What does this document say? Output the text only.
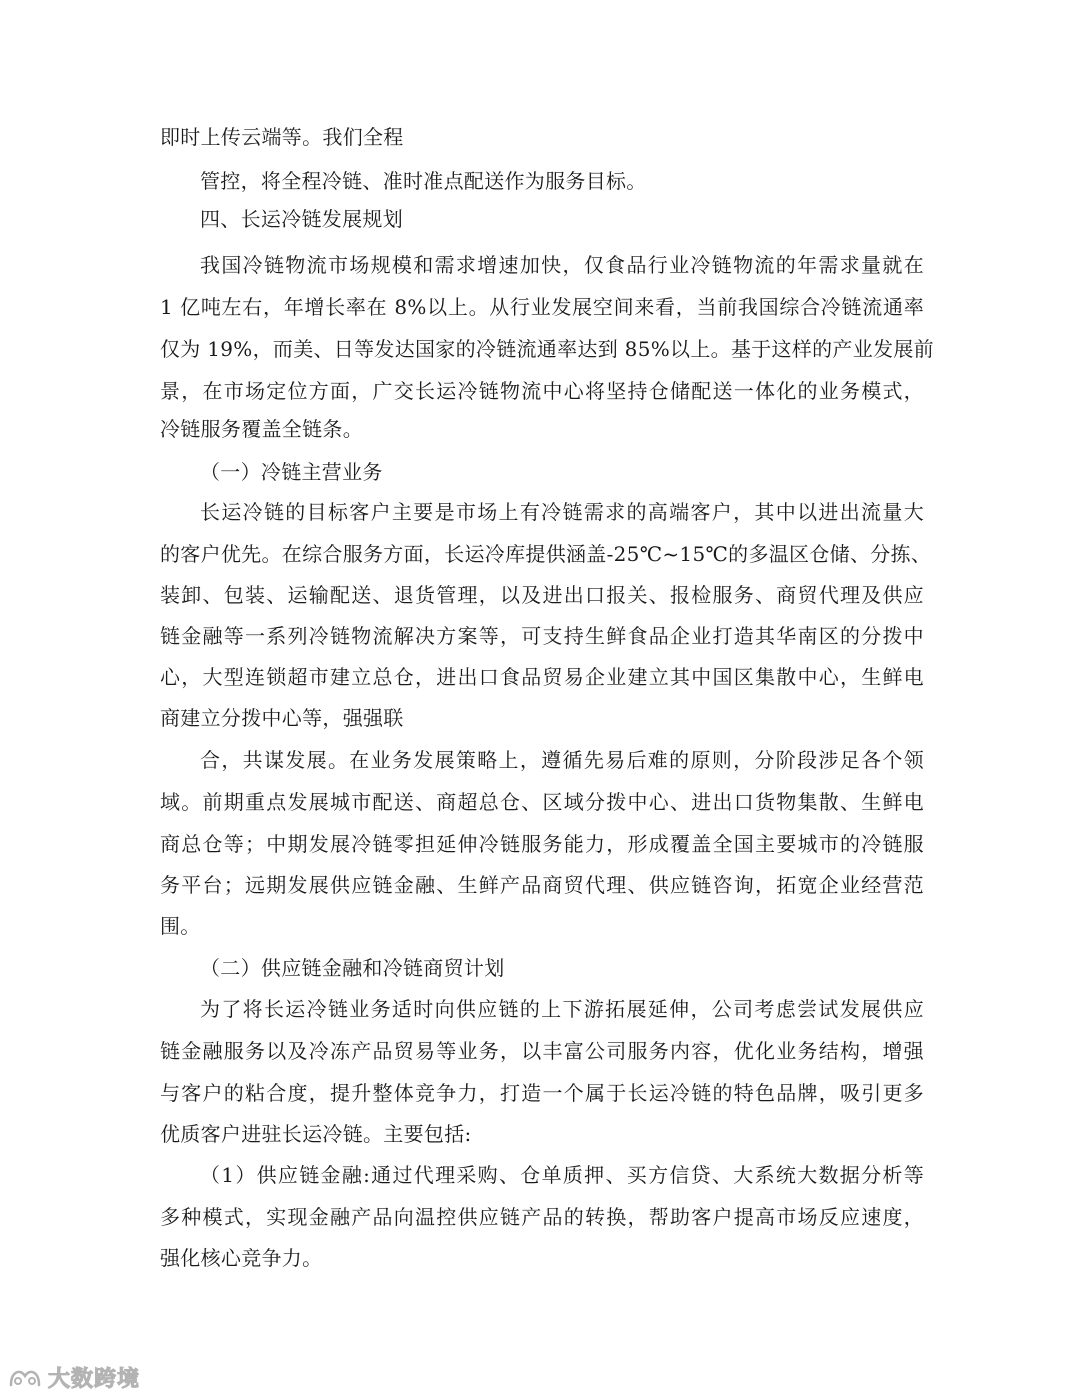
即时上传云端等。我们全程
管控，将全程冷链、准时准点配送作为服务目标。
四、长运冷链发展规划
我国冷链物流市场规模和需求增速加快，仅食品行业冷链物流的年需求量就在
1 亿吨左右，年增长率在 8%以上。从行业发展空间来看，当前我国综合冷链流通率
仅为 19%，而美、日等发达国家的冷链流通率达到 85%以上。基于这样的产业发展前
景，在市场定位方面，广交长运冷链物流中心将坚持仓储配送一体化的业务模式，
冷链服务覆盖全链条。
（一）冷链主营业务
长运冷链的目标客户主要是市场上有冷链需求的高端客户，其中以进出流量大
的客户优先。在综合服务方面，长运冷库提供涵盖-25℃~15℃的多温区仓储、分拣、
装卸、包装、运输配送、退货管理，以及进出口报关、报检服务、商贸代理及供应
链金融等一系列冷链物流解决方案等，可支持生鲜食品企业打造其华南区的分拨中
心，大型连锁超市建立总仓，进出口食品贸易企业建立其中国区集散中心，生鲜电
商建立分拨中心等，强强联
合，共谋发展。在业务发展策略上，遵循先易后难的原则，分阶段涉足各个领
域。前期重点发展城市配送、商超总仓、区域分拨中心、进出口货物集散、生鲜电
商总仓等；中期发展冷链零担延伸冷链服务能力，形成覆盖全国主要城市的冷链服
务平台；远期发展供应链金融、生鲜产品商贸代理、供应链咨询，拓宽企业经营范
围。
（二）供应链金融和冷链商贸计划
为了将长运冷链业务适时向供应链的上下游拓展延伸，公司考虑尝试发展供应
链金融服务以及冷冻产品贸易等业务，以丰富公司服务内容，优化业务结构，增强
与客户的粘合度，提升整体竞争力，打造一个属于长运冷链的特色品牌，吸引更多
优质客户进驻长运冷链。主要包括:
（1）供应链金融:通过代理采购、仓单质押、买方信贷、大系统大数据分析等
多种模式，实现金融产品向温控供应链产品的转换，帮助客户提高市场反应速度，
强化核心竞争力。
大数跨境
